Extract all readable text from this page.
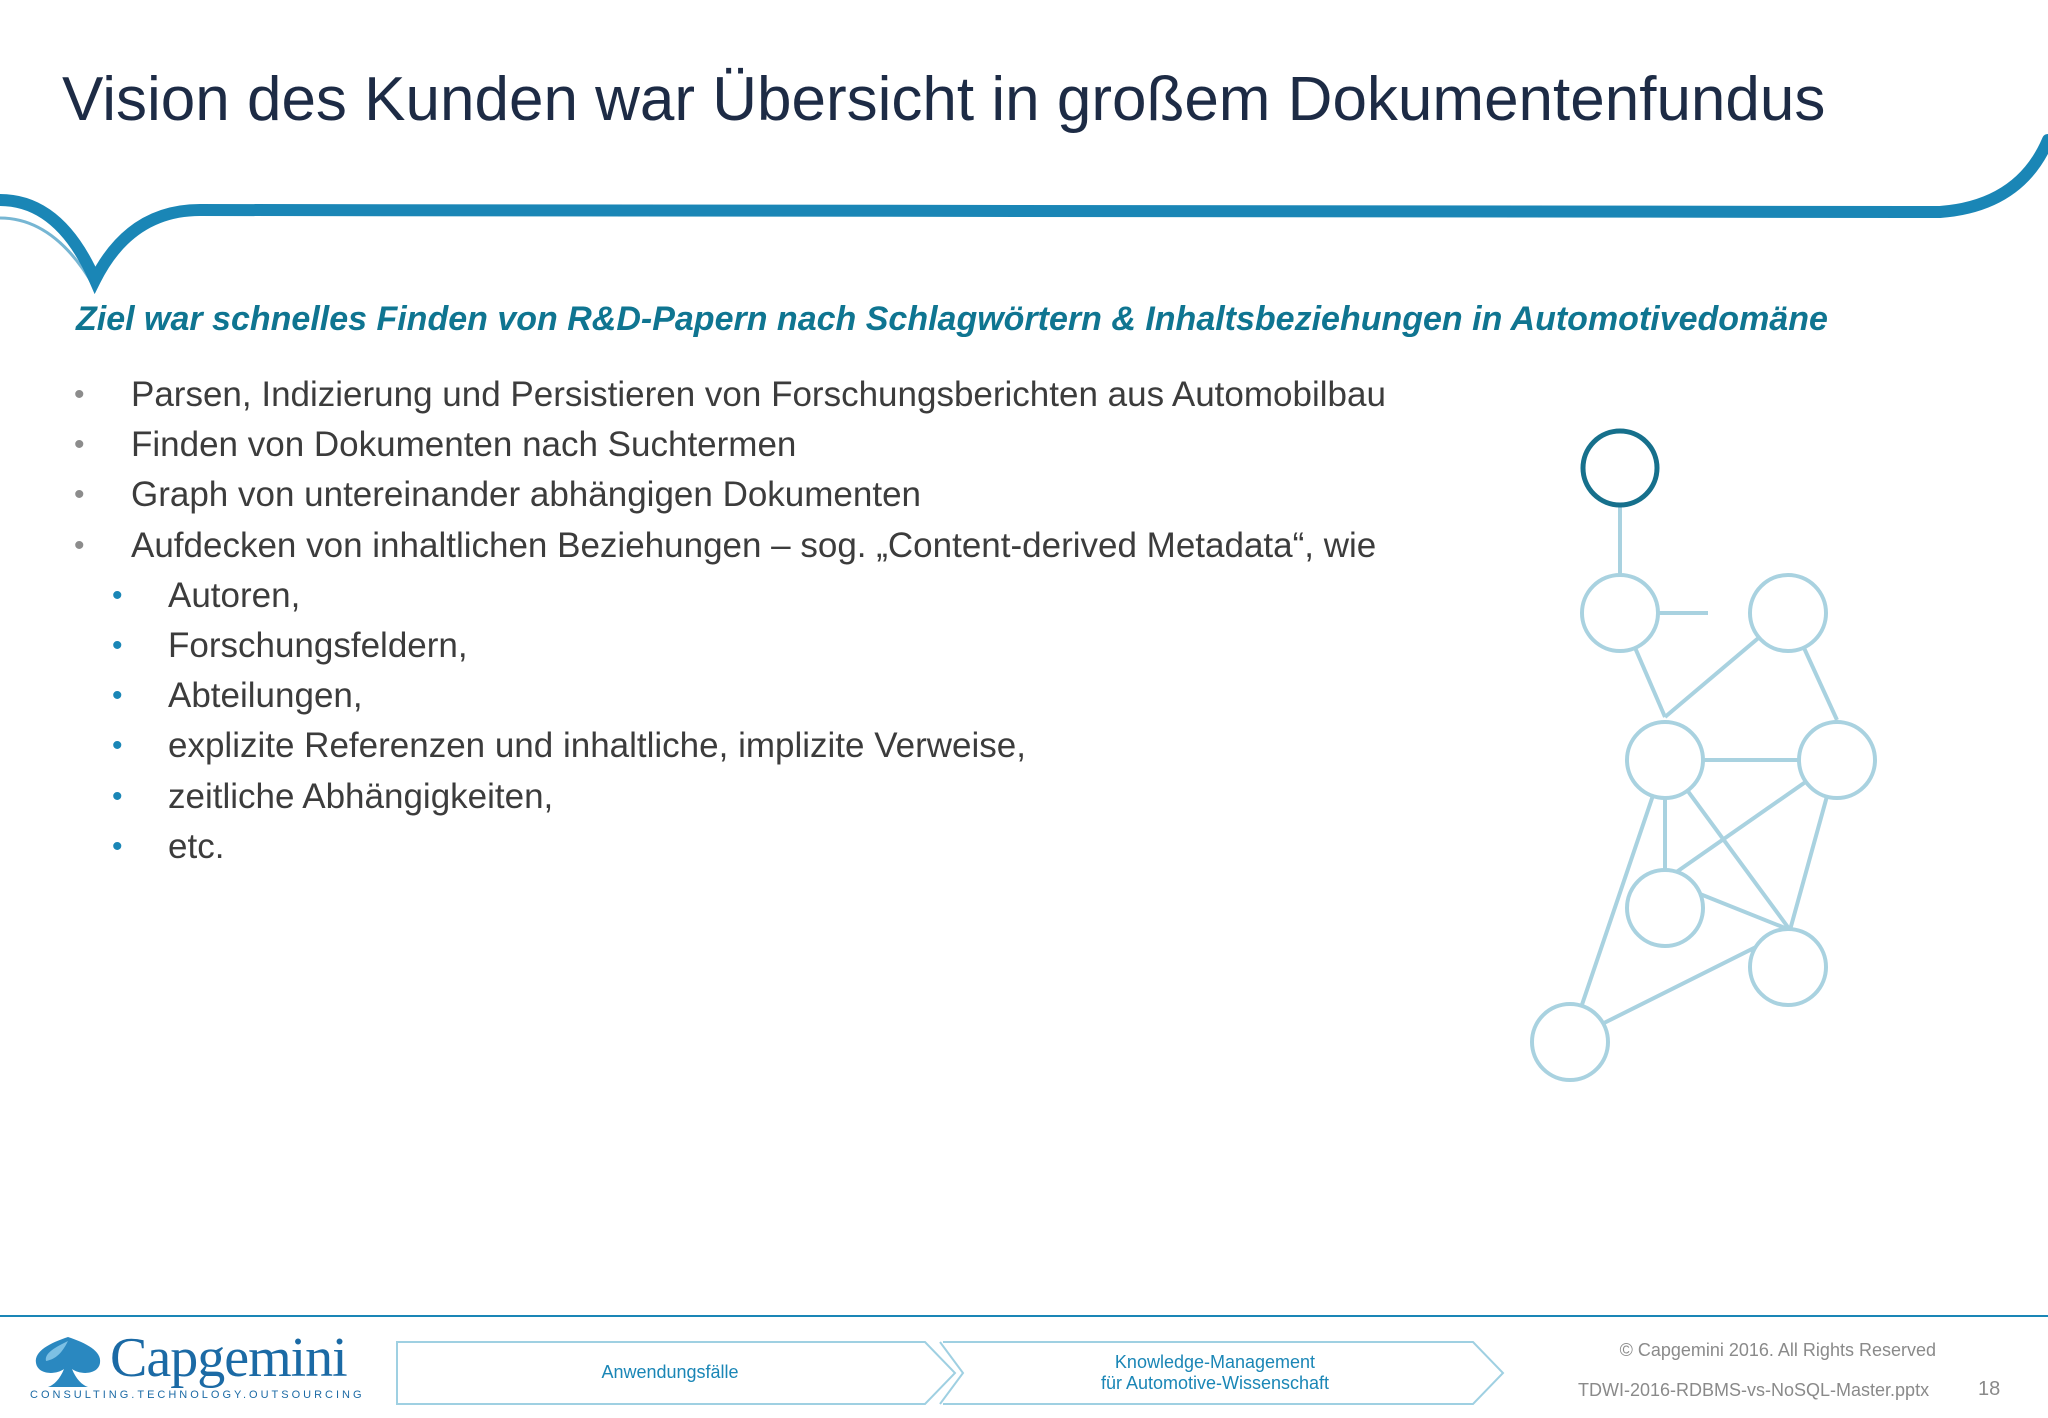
Vision des Kunden war Übersicht in großem Dokumentenfundus
Ziel war schnelles Finden von R&D-Papern nach Schlagwörtern & Inhaltsbeziehungen in Automotivedomäne
• Parsen, Indizierung und Persistieren von Forschungsberichten aus Automobilbau
• Finden von Dokumenten nach Suchtermen
• Graph von untereinander abhängigen Dokumenten
• Aufdecken von inhaltlichen Beziehungen – sog. „Content-derived Metadata“, wie
• Autoren,
• Forschungsfeldern,
• Abteilungen,
• explizite Referenzen und inhaltliche, implizite Verweise,
• zeitliche Abhängigkeiten,
• etc.
Capgemini
CONSULTING.TECHNOLOGY.OUTSOURCING
Anwendungsfälle	Knowledge-Management
für Automotive-Wissenschaft
© Capgemini 2016. All Rights Reserved
TDWI-2016-RDBMS-vs-NoSQL-Master.pptx 18
